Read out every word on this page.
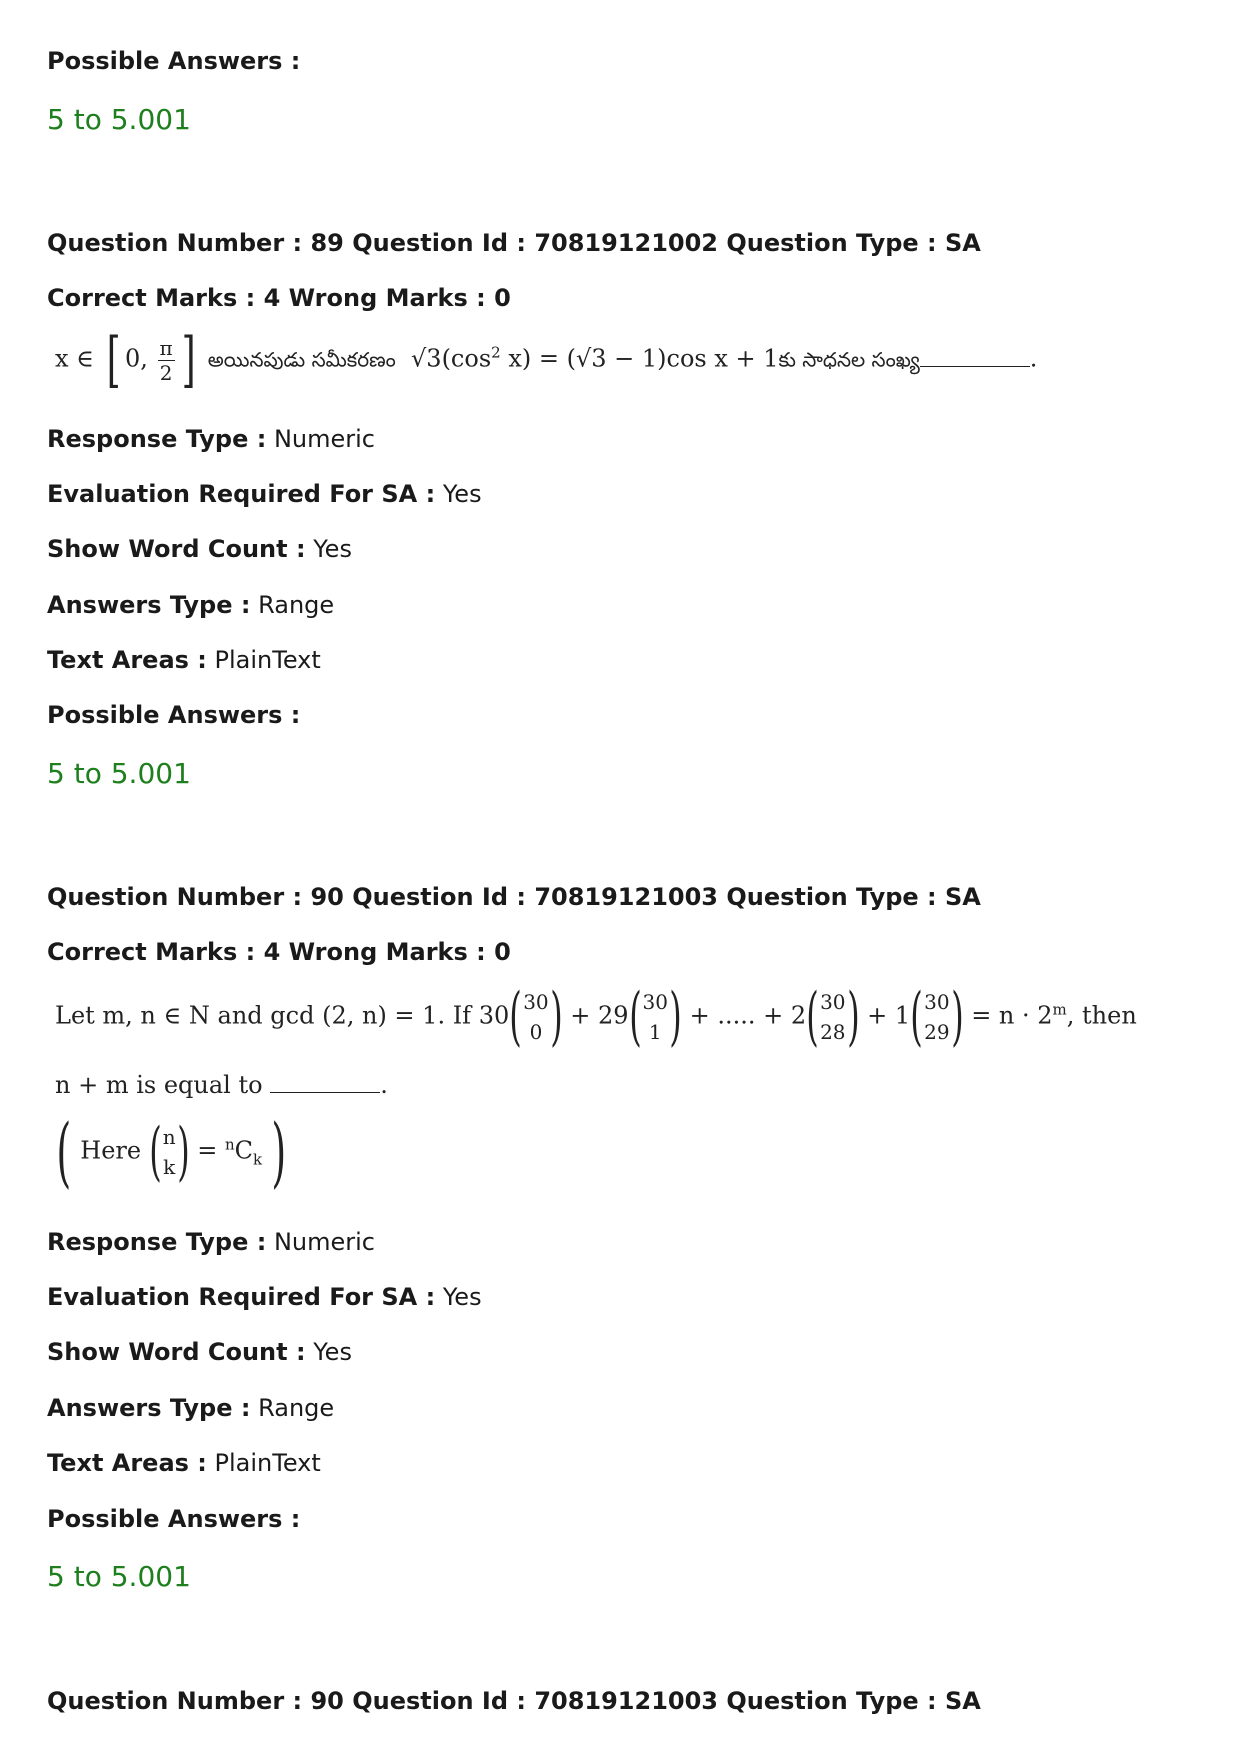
Possible Answers :
5 to 5.001
Question Number : 89 Question Id : 70819121002 Question Type : SA
Correct Marks : 4 Wrong Marks : 0
x ∈ [ 0, $\frac{\pi}{2}$ ] అయినపుడు సమీకరణం $√3(\cos^2$ x) = (√3 − 1)cos x + 1కు సాధనల సంఖ్య	.
Response Type : Numeric
Evaluation Required For SA : Yes
Show Word Count : Yes
Answers Type : Range
Text Areas : PlainText
Possible Answers :
5 to 5.001
Question Number : 90 Question Id : 70819121003 Question Type : SA
Correct Marks : 4 Wrong Marks : 0
Let m, n ∈ N and gcd (2, n) = 1. If 30( 30
0 ) + 29( 30
1 ) + ..... + 2( 30
28 ) + 1( 30
29 ) = $n \cdot 2^m$, then
n + m is equal to	.
( Here ( n
k ) = $^nC_k$ )
Response Type : Numeric
Evaluation Required For SA : Yes
Show Word Count : Yes
Answers Type : Range
Text Areas : PlainText
Possible Answers :
5 to 5.001
Question Number : 90 Question Id : 70819121003 Question Type : SA
